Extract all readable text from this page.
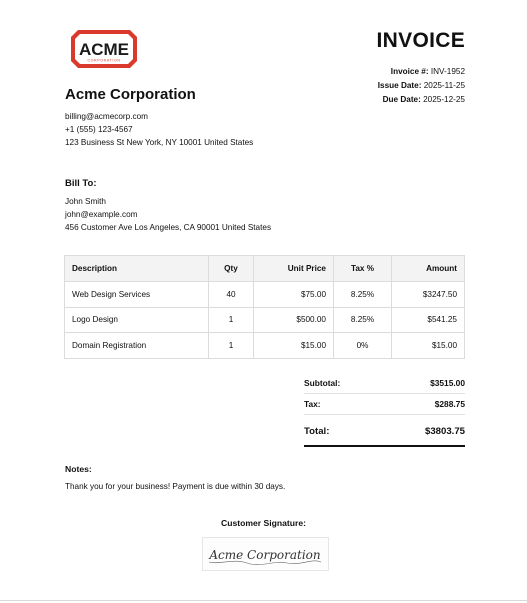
ACME
CORPORATION
Acme Corporation
billing@acmecorp.com
+1 (555) 123-4567
123 Business St New York, NY 10001 United States
INVOICE
Invoice #: INV-1952
Issue Date: 2025-11-25
Due Date: 2025-12-25
Bill To:
John Smith
john@example.com
456 Customer Ave Los Angeles, CA 90001 United States
Description	Qty	Unit Price	Tax %	Amount
Web Design Services	40	$75.00	8.25%	$3247.50
Logo Design	1	$500.00	8.25%	$541.25
Domain Registration	1	$15.00	0%	$15.00
Subtotal:	$3515.00
Tax:	$288.75
Total:	$3803.75
Notes:
Thank you for your business! Payment is due within 30 days.
Customer Signature:
Acme Corporation
